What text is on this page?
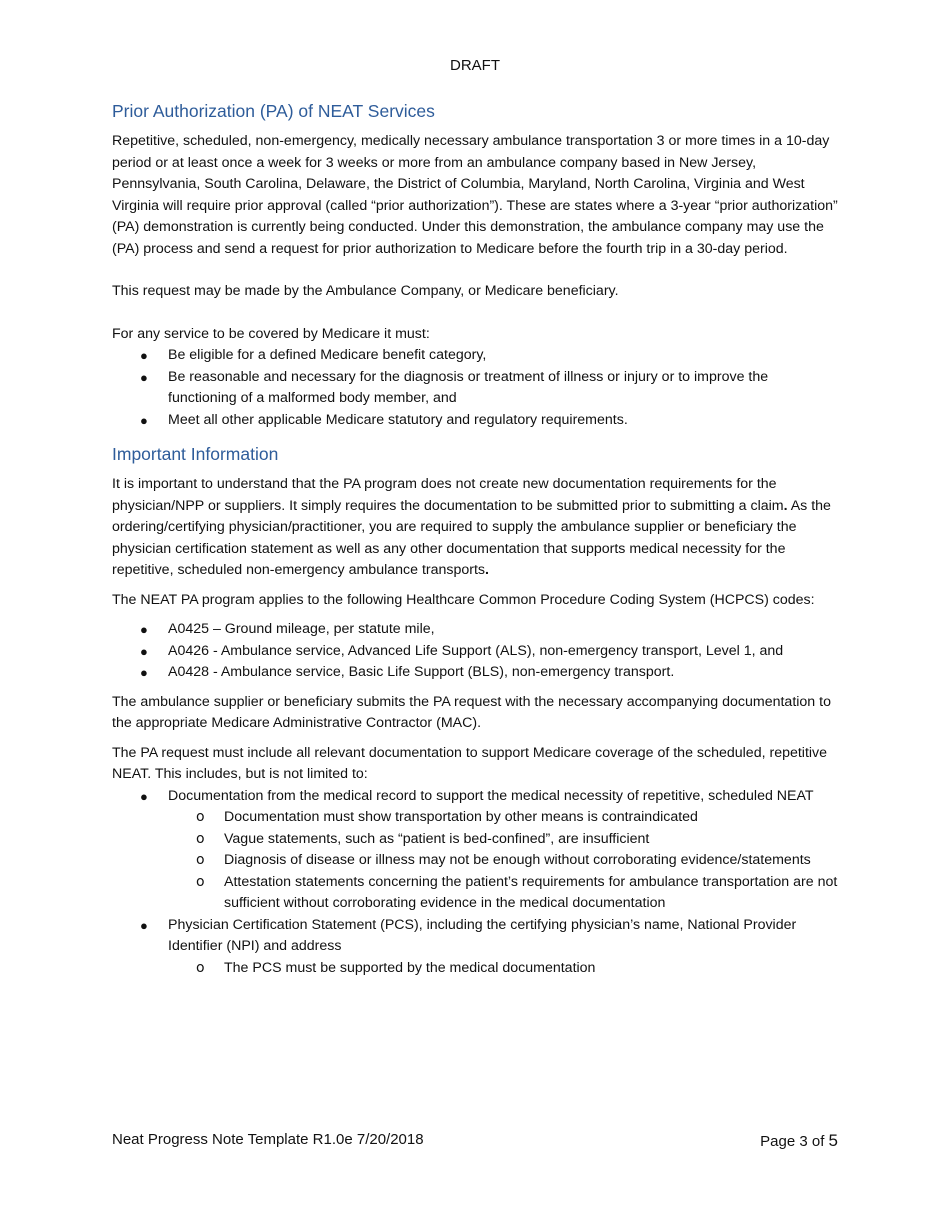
DRAFT
Prior Authorization (PA) of NEAT Services

Repetitive, scheduled, non-emergency, medically necessary ambulance transportation 3 or more times in a 10-day period or at least once a week for 3 weeks or more from an ambulance company based in New Jersey, Pennsylvania, South Carolina, Delaware, the District of Columbia, Maryland, North Carolina, Virginia and West Virginia will require prior approval (called “prior authorization”). These are states where a 3-year “prior authorization” (PA) demonstration is currently being conducted. Under this demonstration, the ambulance company may use the (PA) process and send a request for prior authorization to Medicare before the fourth trip in a 30-day period.

This request may be made by the Ambulance Company, or Medicare beneficiary.

For any service to be covered by Medicare it must:

● Be eligible for a defined Medicare benefit category,
● Be reasonable and necessary for the diagnosis or treatment of illness or injury or to improve the functioning of a malformed body member, and
● Meet all other applicable Medicare statutory and regulatory requirements.
Important Information

It is important to understand that the PA program does not create new documentation requirements for the physician/NPP or suppliers. It simply requires the documentation to be submitted prior to submitting a claim. As the ordering/certifying physician/practitioner, you are required to supply the ambulance supplier or beneficiary the physician certification statement as well as any other documentation that supports medical necessity for the repetitive, scheduled non-emergency ambulance transports.

The NEAT PA program applies to the following Healthcare Common Procedure Coding System (HCPCS) codes:

● A0425 – Ground mileage, per statute mile,
● A0426 - Ambulance service, Advanced Life Support (ALS), non-emergency transport, Level 1, and
● A0428 - Ambulance service, Basic Life Support (BLS), non-emergency transport.

The ambulance supplier or beneficiary submits the PA request with the necessary accompanying documentation to the appropriate Medicare Administrative Contractor (MAC).

The PA request must include all relevant documentation to support Medicare coverage of the scheduled, repetitive NEAT. This includes, but is not limited to:

● Documentation from the medical record to support the medical necessity of repetitive, scheduled NEAT
o Documentation must show transportation by other means is contraindicated
o Vague statements, such as “patient is bed-confined”, are insufficient
o Diagnosis of disease or illness may not be enough without corroborating evidence/statements
o Attestation statements concerning the patient’s requirements for ambulance transportation are not sufficient without corroborating evidence in the medical documentation
● Physician Certification Statement (PCS), including the certifying physician’s name, National Provider Identifier (NPI) and address
o The PCS must be supported by the medical documentation
Neat Progress Note Template R1.0e 7/20/2018	Page 3 of 5
